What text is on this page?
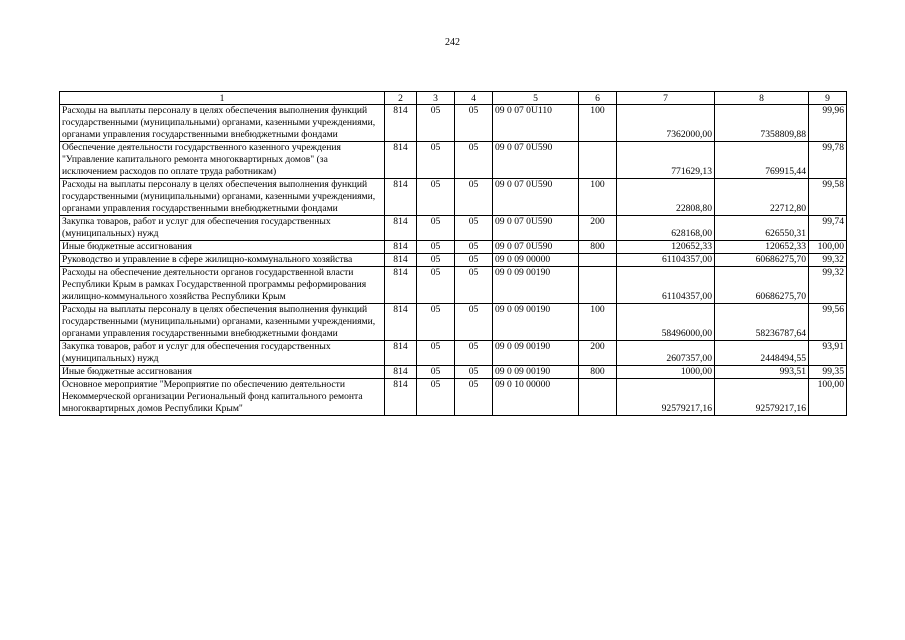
242
1	2	3	4	5	6	7	8	9
Расходы на выплаты персоналу в целях обеспечения выполнения функций государственными (муниципальными) органами, казенными учреждениями, органами управления государственными внебюджетными фондами	814	05	05	09 0 07 0U110	100	7362000,00	7358809,88	99,96
Обеспечение деятельности государственного казенного учреждения "Управление капитального ремонта многоквартирных домов" (за исключением расходов по оплате труда работникам)	814	05	05	09 0 07 0U590		771629,13	769915,44	99,78
Расходы на выплаты персоналу в целях обеспечения выполнения функций государственными (муниципальными) органами, казенными учреждениями, органами управления государственными внебюджетными фондами	814	05	05	09 0 07 0U590	100	22808,80	22712,80	99,58
Закупка товаров, работ и услуг для обеспечения государственных (муниципальных) нужд	814	05	05	09 0 07 0U590	200	628168,00	626550,31	99,74
Иные бюджетные ассигнования	814	05	05	09 0 07 0U590	800	120652,33	120652,33	100,00
Руководство и управление в сфере жилищно-коммунального хозяйства	814	05	05	09 0 09 00000		61104357,00	60686275,70	99,32
Расходы на обеспечение деятельности органов государственной власти Республики Крым в рамках Государственной программы реформирования жилищно-коммунального хозяйства Республики Крым	814	05	05	09 0 09 00190		61104357,00	60686275,70	99,32
Расходы на выплаты персоналу в целях обеспечения выполнения функций государственными (муниципальными) органами, казенными учреждениями, органами управления государственными внебюджетными фондами	814	05	05	09 0 09 00190	100	58496000,00	58236787,64	99,56
Закупка товаров, работ и услуг для обеспечения государственных (муниципальных) нужд	814	05	05	09 0 09 00190	200	2607357,00	2448494,55	93,91
Иные бюджетные ассигнования	814	05	05	09 0 09 00190	800	1000,00	993,51	99,35
Основное мероприятие "Мероприятие по обеспечению деятельности Некоммерческой организации Региональный фонд капитального ремонта многоквартирных домов Республики Крым"	814	05	05	09 0 10 00000		92579217,16	92579217,16	100,00
